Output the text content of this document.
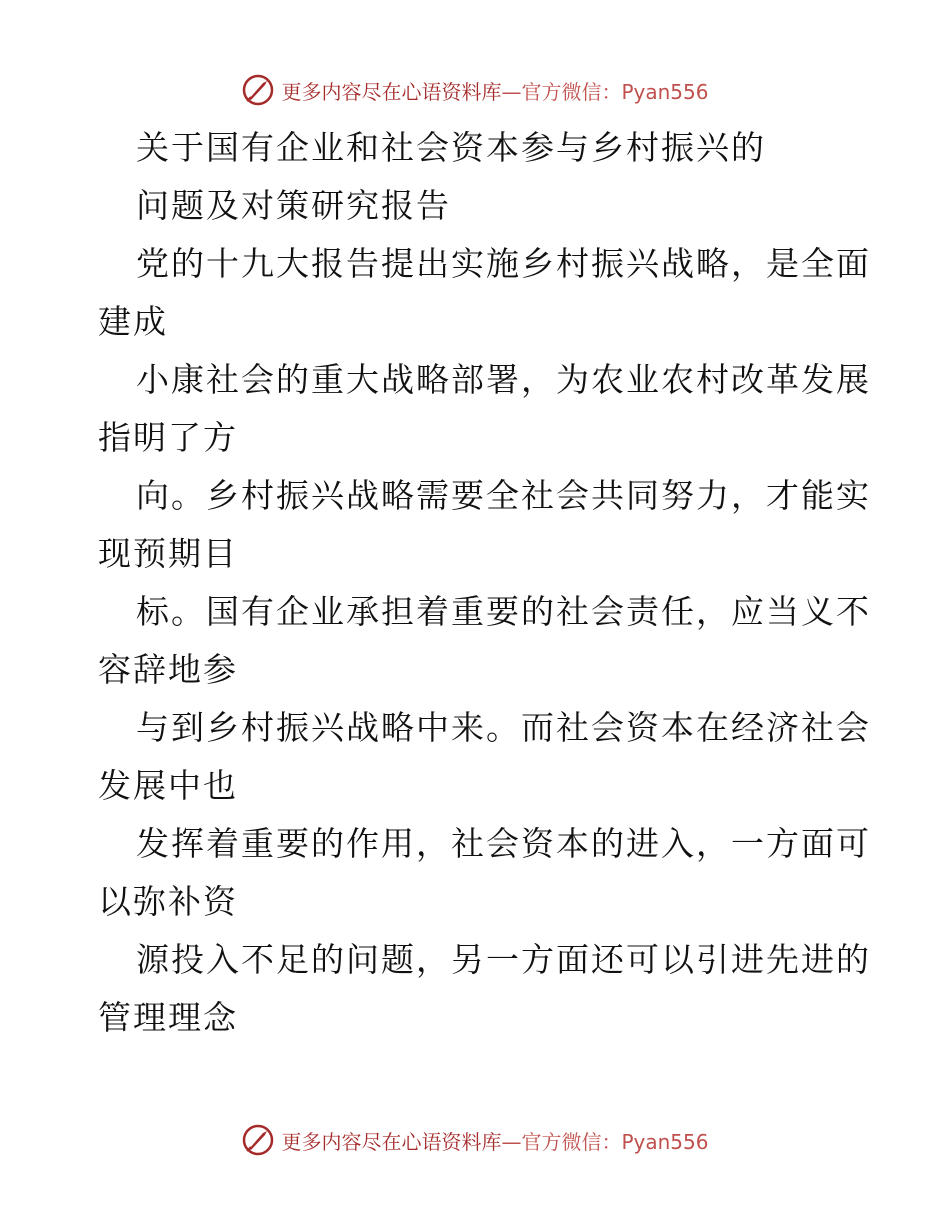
更多内容尽在心语资料库 —官方微信：Pyan556

关于国有企业和社会资本参与乡村振兴的

问题及对策研究报告

党的十九大报告提出实施乡村振兴战略，是全面

建成

小康社会的重大战略部署，为农业农村改革发展

指明了方

向。乡村振兴战略需要全社会共同努力，才能实

现预期目

标。国有企业承担着重要的社会责任，应当义不

容辞地参

与到乡村振兴战略中来。而社会资本在经济社会

发展中也

发挥着重要的作用，社会资本的进入，一方面可

以弥补资

源投入不足的问题，另一方面还可以引进先进的

管理理念

更多内容尽在心语资料库 —官方微信：Pyan556
